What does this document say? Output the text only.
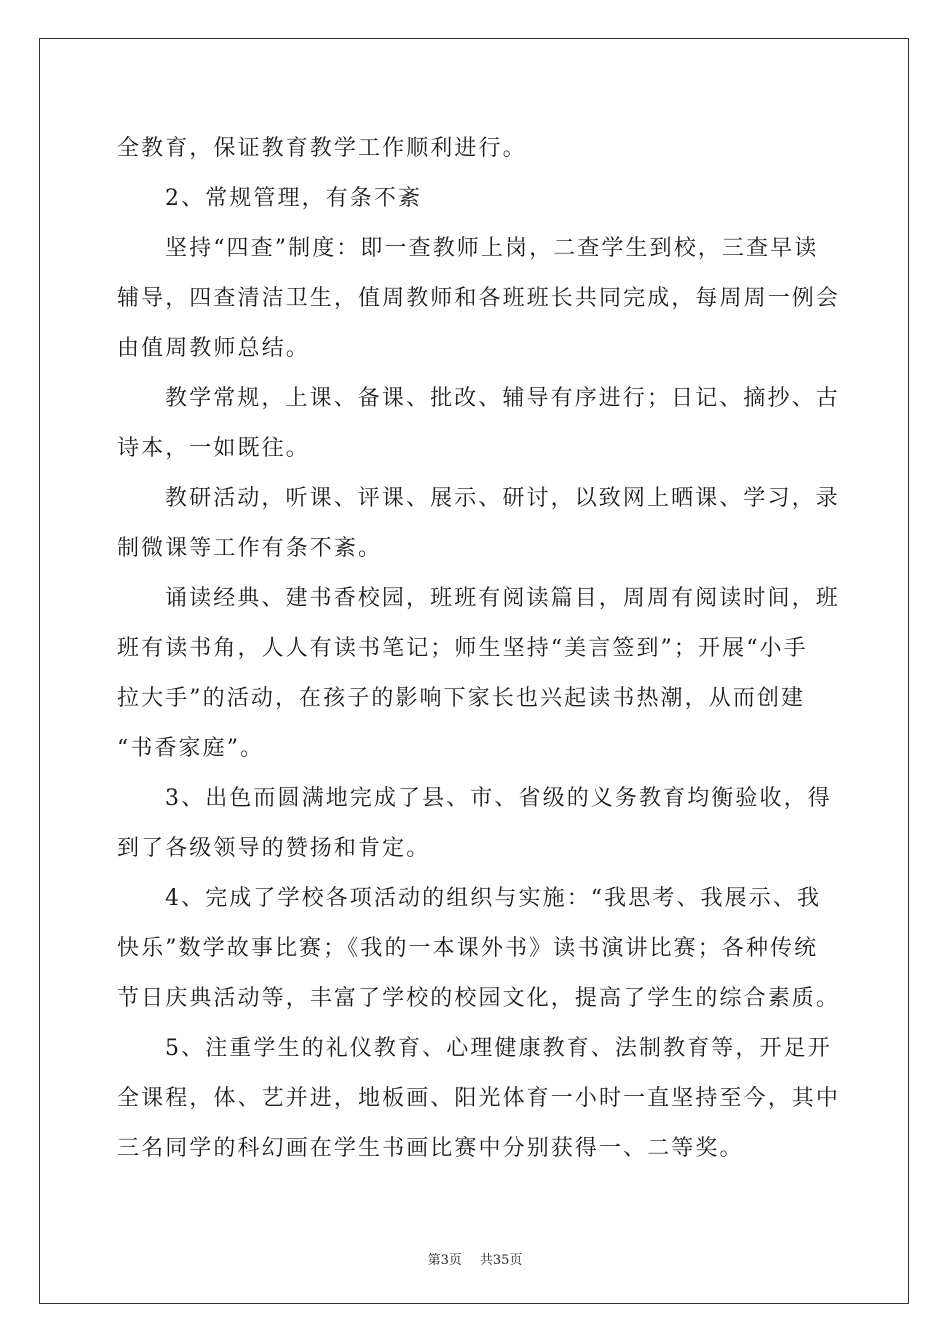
全教育，保证教育教学工作顺利进行。
2、常规管理，有条不紊
坚持“四查”制度：即一查教师上岗，二查学生到校，三查早读
辅导，四查清洁卫生，值周教师和各班班长共同完成，每周周一例会
由值周教师总结。
教学常规，上课、备课、批改、辅导有序进行；日记、摘抄、古
诗本，一如既往。
教研活动，听课、评课、展示、研讨，以致网上晒课、学习，录
制微课等工作有条不紊。
诵读经典、建书香校园，班班有阅读篇目，周周有阅读时间，班
班有读书角，人人有读书笔记；师生坚持“美言签到”；开展“小手
拉大手”的活动，在孩子的影响下家长也兴起读书热潮，从而创建
“书香家庭”。
3、出色而圆满地完成了县、市、省级的义务教育均衡验收，得
到了各级领导的赞扬和肯定。
4、完成了学校各项活动的组织与实施：“我思考、我展示、我
快乐”数学故事比赛；《我的一本课外书》读书演讲比赛；各种传统
节日庆典活动等，丰富了学校的校园文化，提高了学生的综合素质。
5、注重学生的礼仪教育、心理健康教育、法制教育等，开足开
全课程，体、艺并进，地板画、阳光体育一小时一直坚持至今，其中
三名同学的科幻画在学生书画比赛中分别获得一、二等奖。
第3页 共35页
